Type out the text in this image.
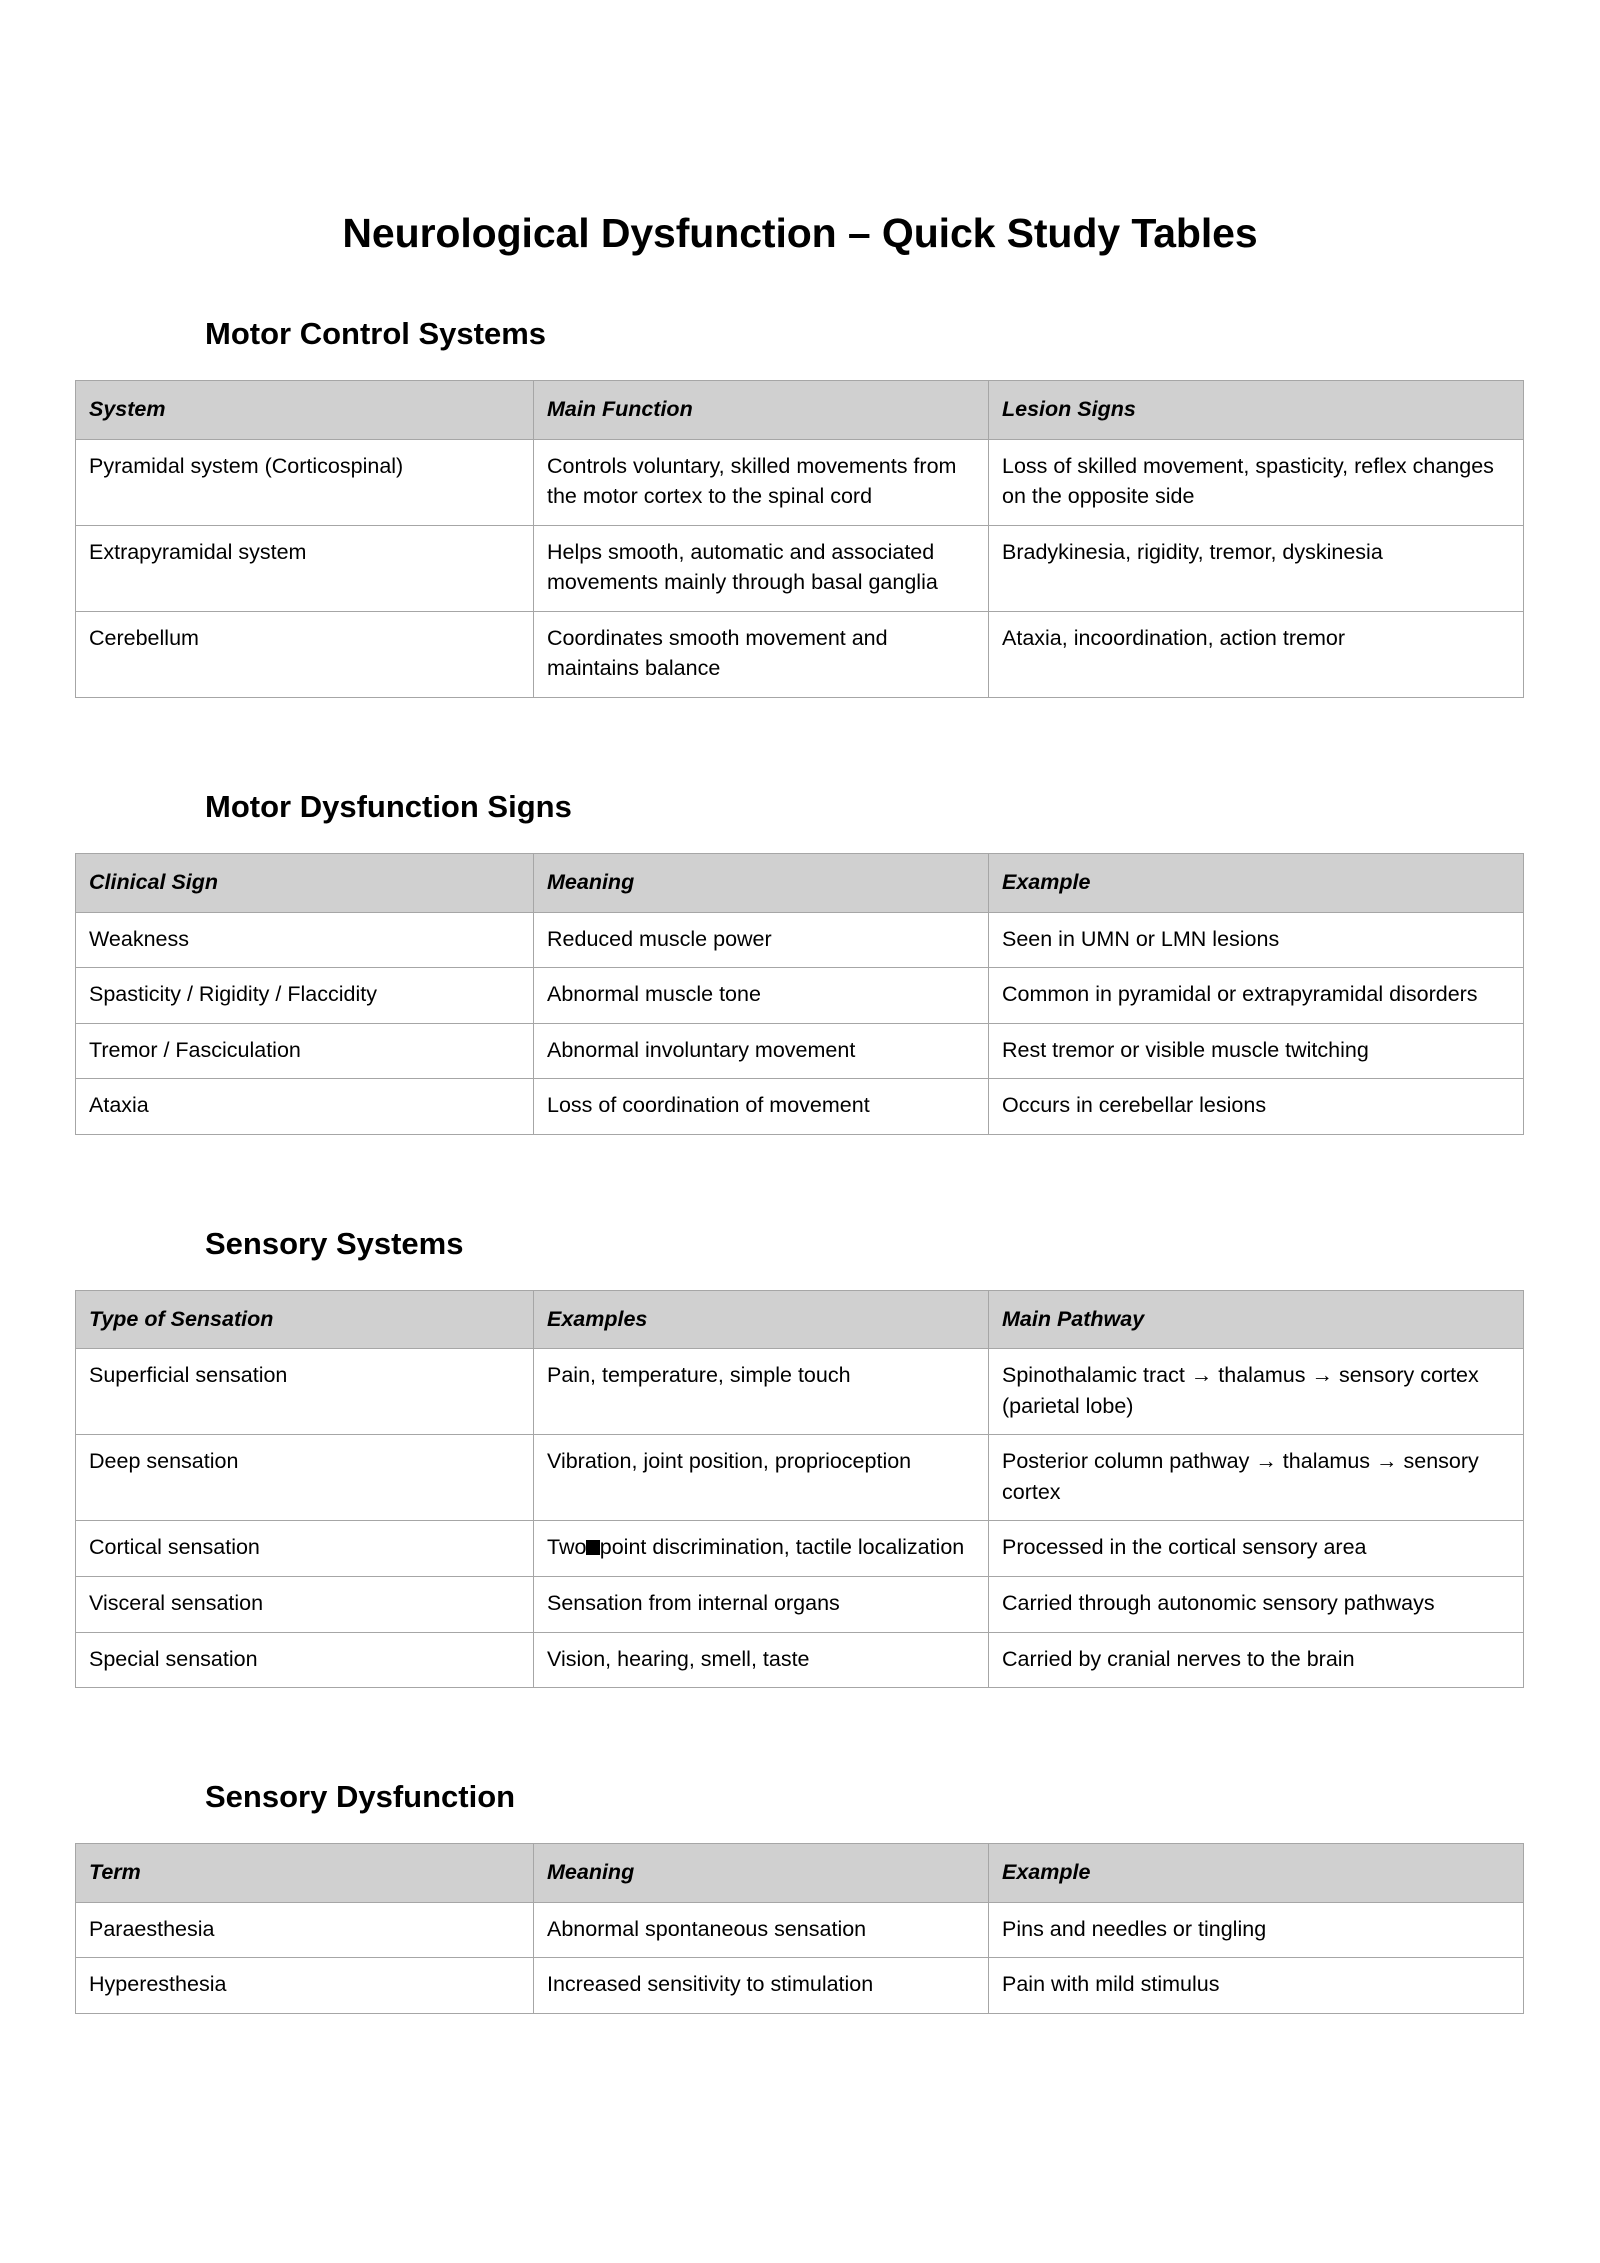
Neurological Dysfunction – Quick Study Tables
Motor Control Systems
System	Main Function	Lesion Signs
Pyramidal system (Corticospinal)	Controls voluntary, skilled movements from the motor cortex to the spinal cord	Loss of skilled movement, spasticity, reflex changes on the opposite side
Extrapyramidal system	Helps smooth, automatic and associated movements mainly through basal ganglia	Bradykinesia, rigidity, tremor, dyskinesia
Cerebellum	Coordinates smooth movement and maintains balance	Ataxia, incoordination, action tremor
Motor Dysfunction Signs
Clinical Sign	Meaning	Example
Weakness	Reduced muscle power	Seen in UMN or LMN lesions
Spasticity / Rigidity / Flaccidity	Abnormal muscle tone	Common in pyramidal or extrapyramidal disorders
Tremor / Fasciculation	Abnormal involuntary movement	Rest tremor or visible muscle twitching
Ataxia	Loss of coordination of movement	Occurs in cerebellar lesions
Sensory Systems
Type of Sensation	Examples	Main Pathway
Superficial sensation	Pain, temperature, simple touch	Spinothalamic tract → thalamus → sensory cortex (parietal lobe)
Deep sensation	Vibration, joint position, proprioception	Posterior column pathway → thalamus → sensory cortex
Cortical sensation	Two point discrimination, tactile localization	Processed in the cortical sensory area
Visceral sensation	Sensation from internal organs	Carried through autonomic sensory pathways
Special sensation	Vision, hearing, smell, taste	Carried by cranial nerves to the brain
Sensory Dysfunction
Term	Meaning	Example
Paraesthesia	Abnormal spontaneous sensation	Pins and needles or tingling
Hyperesthesia	Increased sensitivity to stimulation	Pain with mild stimulus
